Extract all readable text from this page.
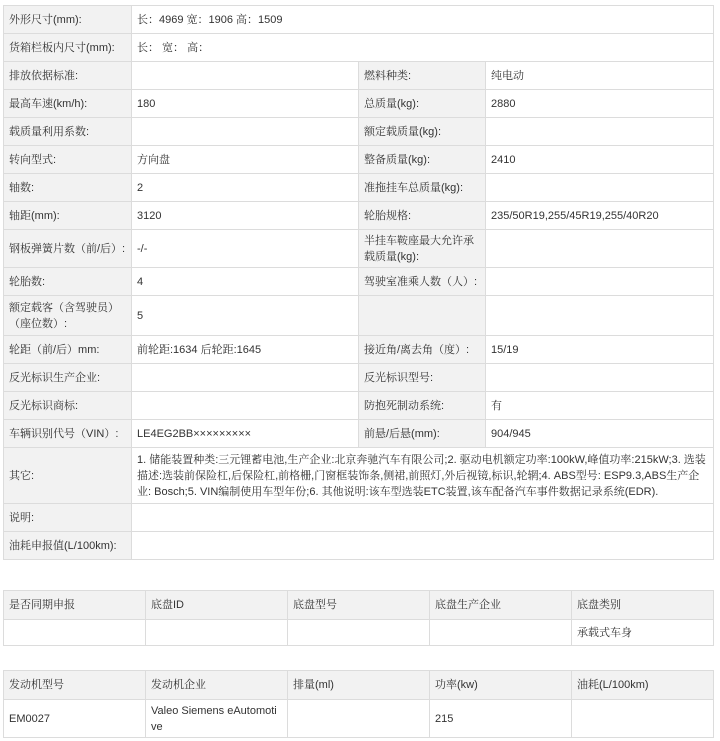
外形尺寸(mm):	长：4969 宽：1906 高：1509		
货箱栏板内尺寸(mm):	长： 宽： 高：		
排放依据标准:		燃料种类:	纯电动
最高车速(km/h):	180	总质量(kg):	2880
载质量利用系数:		额定载质量(kg):	
转向型式:	方向盘	整备质量(kg):	2410
轴数:	2	准拖挂车总质量(kg):	
轴距(mm):	3120	轮胎规格:	235/50R19,255/45R19,255/40R20
钢板弹簧片数（前/后）:	-/-	半挂车鞍座最大允许承载质量(kg):	
轮胎数:	4	驾驶室准乘人数（人）:	
额定载客（含驾驶员）（座位数）:	5		
轮距（前/后）mm:	前轮距:1634 后轮距:1645	接近角/离去角（度）:	15/19
反光标识生产企业:		反光标识型号:	
反光标识商标:		防抱死制动系统:	有
车辆识别代号（VIN）:	LE4EG2BB×××××××××	前悬/后悬(mm):	904/945
其它:	1. 储能装置种类:三元锂蓄电池,生产企业:北京奔驰汽车有限公司;2. 驱动电机额定功率:100kW,峰值功率:215kW;3. 选装描述:选装前保险杠,后保险杠,前格栅,门窗框装饰条,侧裙,前照灯,外后视镜,标识,轮辋;4. ABS型号: ESP9.3,ABS生产企业: Bosch;5. VIN编制使用车型年份;6. 其他说明:该车型选装ETC装置,该车配备汽车事件数据记录系统(EDR).		
说明:			
油耗申报值(L/100km):			
是否同期申报	底盘ID	底盘型号	底盘生产企业	底盘类别
				承载式车身
发动机型号	发动机企业	排量(ml)	功率(kw)	油耗(L/100km)
EM0027	Valeo Siemens eAutomotive		215	
